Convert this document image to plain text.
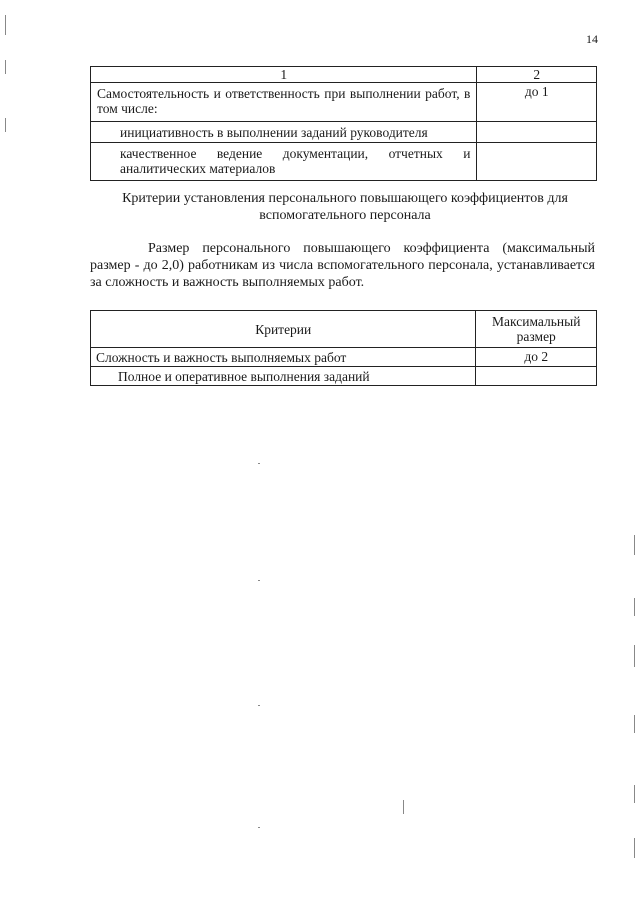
14
1	2

Самостоятельность и ответственность при выполнении работ, в том числе:	до 1

инициативность в выполнении заданий руководителя	

качественное ведение документации, отчетных и аналитических материалов	

Критерии установления персонального повышающего коэффициентов для вспомогательного персонала
Размер персонального повышающего коэффициента (максимальный размер - до 2,0) работникам из числа вспомогательного персонала, устанавливается за сложность и важность выполняемых работ.
Критерии	Максимальный размер

Сложность и важность выполняемых работ	до 2

Полное и оперативное выполнения заданий	
